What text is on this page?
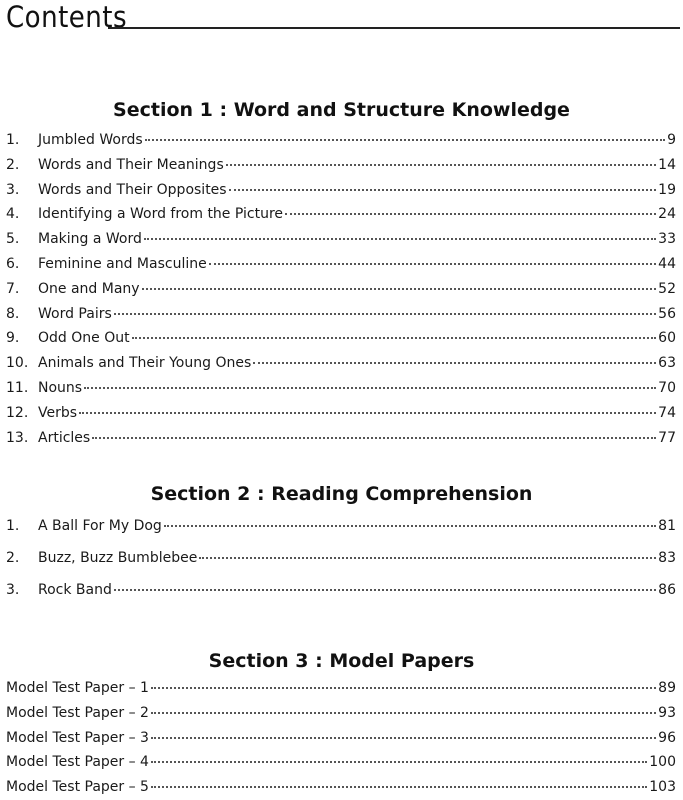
Contents
Section 1 : Word and Structure Knowledge
1.	Jumbled Words	9
2.	Words and Their Meanings	14
3.	Words and Their Opposites	19
4.	Identifying a Word from the Picture	24
5.	Making a Word	33
6.	Feminine and Masculine	44
7.	One and Many	52
8.	Word Pairs	56
9.	Odd One Out	60
10. Animals and Their Young Ones	63
11. Nouns	70
12. Verbs	74
13. Articles	77
Section 2 : Reading Comprehension
1.	A Ball For My Dog	81
2.	Buzz, Buzz Bumblebee	83
3.	Rock Band	86
Section 3 : Model Papers
Model Test Paper – 1	89
Model Test Paper – 2	93
Model Test Paper – 3	96
Model Test Paper – 4	100
Model Test Paper – 5	103
